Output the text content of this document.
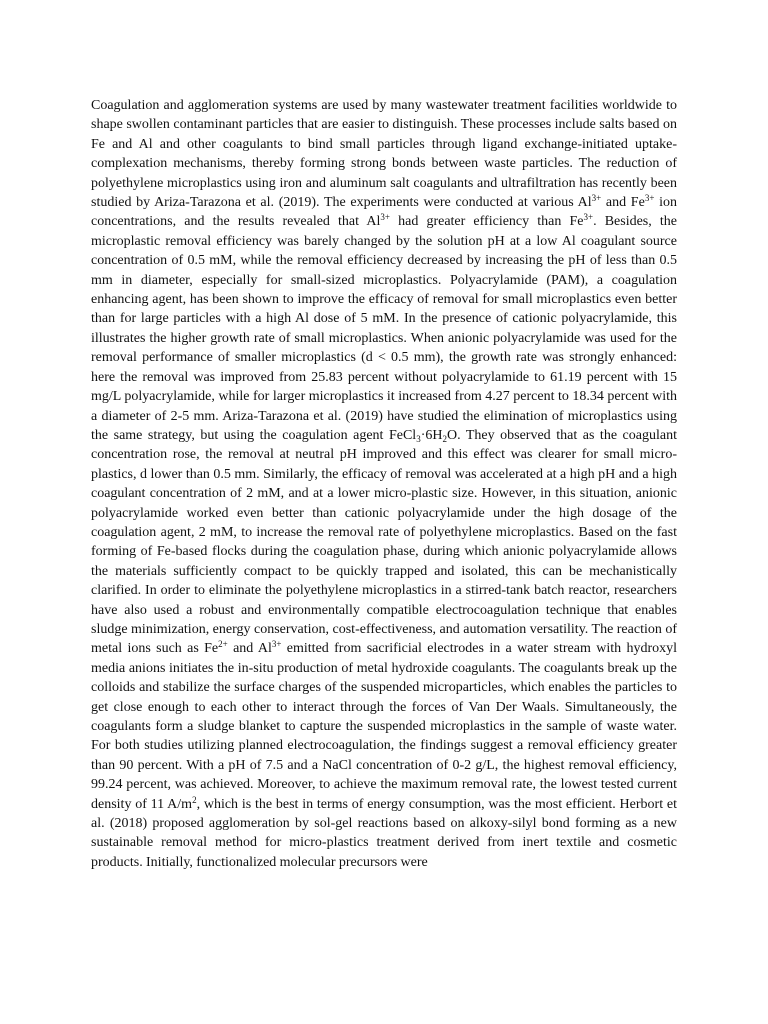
Coagulation and agglomeration systems are used by many wastewater treatment facilities worldwide to shape swollen contaminant particles that are easier to distinguish. These processes include salts based on Fe and Al and other coagulants to bind small particles through ligand exchange-initiated uptake-complexation mechanisms, thereby forming strong bonds between waste particles. The reduction of polyethylene microplastics using iron and aluminum salt coagulants and ultrafiltration has recently been studied by Ariza-Tarazona et al. (2019). The experiments were conducted at various $Al^{3+}$ and $Fe^{3+}$ ion concentrations, and the results revealed that $Al^{3+}$ had greater efficiency than $Fe^{3+}$. Besides, the microplastic removal efficiency was barely changed by the solution pH at a low Al coagulant source concentration of 0.5 mM, while the removal efficiency decreased by increasing the pH of less than 0.5 mm in diameter, especially for small-sized microplastics. Polyacrylamide (PAM), a coagulation enhancing agent, has been shown to improve the efficacy of removal for small microplastics even better than for large particles with a high Al dose of 5 mM. In the presence of cationic polyacrylamide, this illustrates the higher growth rate of small microplastics. When anionic polyacrylamide was used for the removal performance of smaller microplastics (d < 0.5 mm), the growth rate was strongly enhanced: here the removal was improved from 25.83 percent without polyacrylamide to 61.19 percent with 15 mg/L polyacrylamide, while for larger microplastics it increased from 4.27 percent to 18.34 percent with a diameter of 2-5 mm. Ariza-Tarazona et al. (2019) have studied the elimination of microplastics using the same strategy, but using the coagulation agent $FeCl_3\cdot 6H_2O$. They observed that as the coagulant concentration rose, the removal at neutral pH improved and this effect was clearer for small micro-plastics, d lower than 0.5 mm. Similarly, the efficacy of removal was accelerated at a high pH and a high coagulant concentration of 2 mM, and at a lower micro-plastic size. However, in this situation, anionic polyacrylamide worked even better than cationic polyacrylamide under the high dosage of the coagulation agent, 2 mM, to increase the removal rate of polyethylene microplastics. Based on the fast forming of Fe-based flocks during the coagulation phase, during which anionic polyacrylamide allows the materials sufficiently compact to be quickly trapped and isolated, this can be mechanistically clarified. In order to eliminate the polyethylene microplastics in a stirred-tank batch reactor, researchers have also used a robust and environmentally compatible electrocoagulation technique that enables sludge minimization, energy conservation, cost-effectiveness, and automation versatility. The reaction of metal ions such as $Fe^{2+}$ and $Al^{3+}$ emitted from sacrificial electrodes in a water stream with hydroxyl media anions initiates the in-situ production of metal hydroxide coagulants. The coagulants break up the colloids and stabilize the surface charges of the suspended microparticles, which enables the particles to get close enough to each other to interact through the forces of Van Der Waals. Simultaneously, the coagulants form a sludge blanket to capture the suspended microplastics in the sample of waste water. For both studies utilizing planned electrocoagulation, the findings suggest a removal efficiency greater than 90 percent. With a pH of 7.5 and a NaCl concentration of 0-2 g/L, the highest removal efficiency, 99.24 percent, was achieved. Moreover, to achieve the maximum removal rate, the lowest tested current density of 11 $A/m^2$, which is the best in terms of energy consumption, was the most efficient. Herbort et al. (2018) proposed agglomeration by sol-gel reactions based on alkoxy-silyl bond forming as a new sustainable removal method for micro-plastics treatment derived from inert textile and cosmetic products. Initially, functionalized molecular precursors were
